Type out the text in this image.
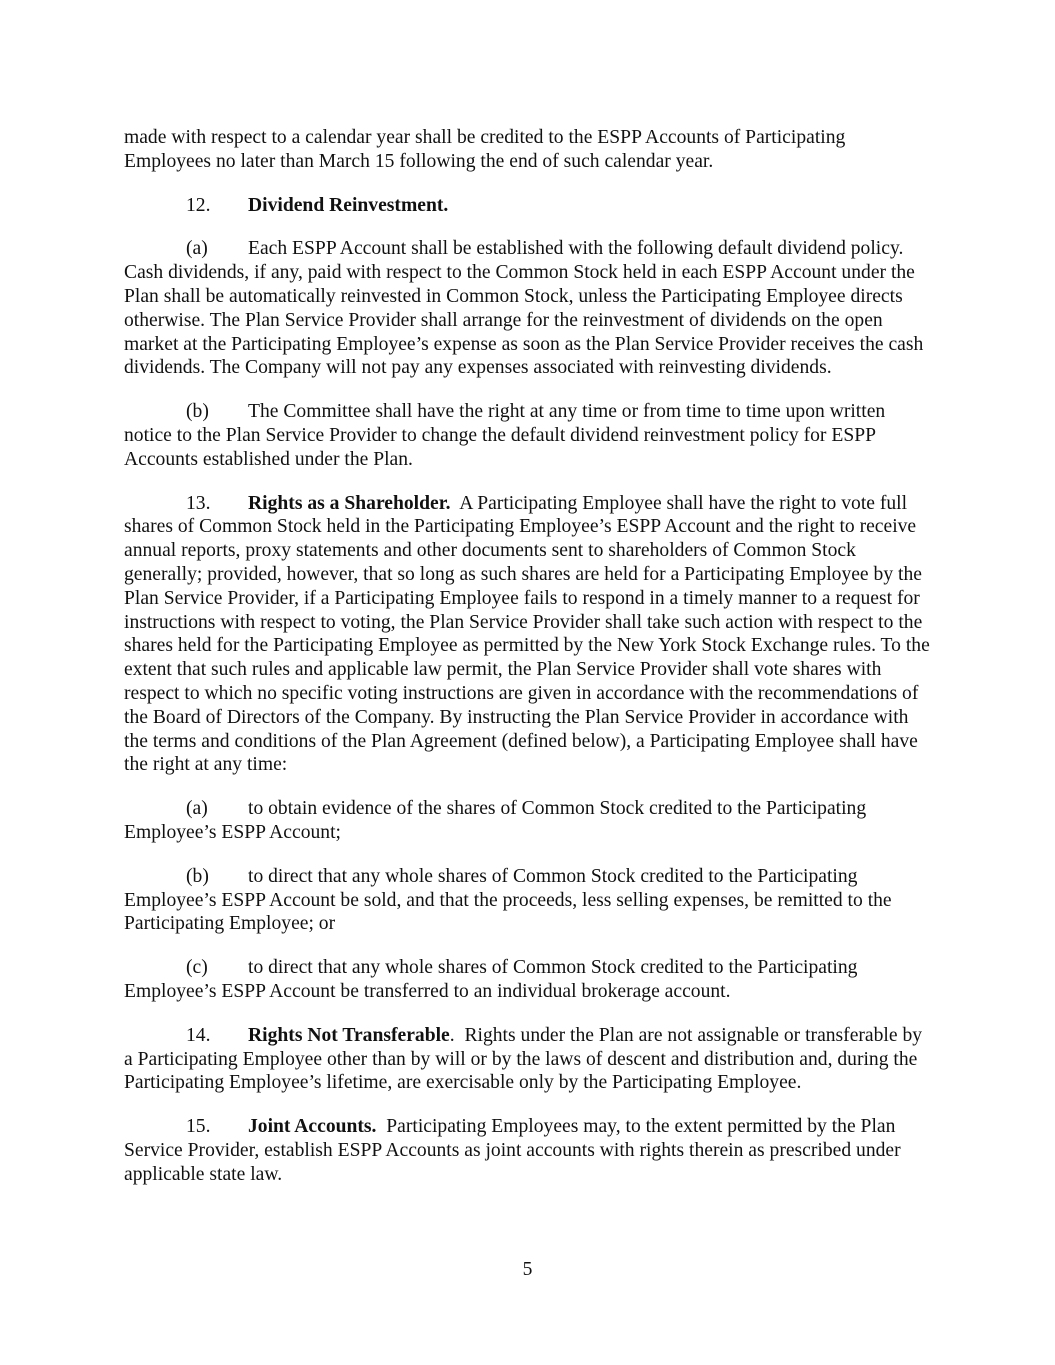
made with respect to a calendar year shall be credited to the ESPP Accounts of Participating Employees no later than March 15 following the end of such calendar year.

12. Dividend Reinvestment.

(a) Each ESPP Account shall be established with the following default dividend policy. Cash dividends, if any, paid with respect to the Common Stock held in each ESPP Account under the Plan shall be automatically reinvested in Common Stock, unless the Participating Employee directs otherwise. The Plan Service Provider shall arrange for the reinvestment of dividends on the open market at the Participating Employee’s expense as soon as the Plan Service Provider receives the cash dividends. The Company will not pay any expenses associated with reinvesting dividends.

(b) The Committee shall have the right at any time or from time to time upon written notice to the Plan Service Provider to change the default dividend reinvestment policy for ESPP Accounts established under the Plan.

13. Rights as a Shareholder. A Participating Employee shall have the right to vote full shares of Common Stock held in the Participating Employee’s ESPP Account and the right to receive annual reports, proxy statements and other documents sent to shareholders of Common Stock generally; provided, however, that so long as such shares are held for a Participating Employee by the Plan Service Provider, if a Participating Employee fails to respond in a timely manner to a request for instructions with respect to voting, the Plan Service Provider shall take such action with respect to the shares held for the Participating Employee as permitted by the New York Stock Exchange rules. To the extent that such rules and applicable law permit, the Plan Service Provider shall vote shares with respect to which no specific voting instructions are given in accordance with the recommendations of the Board of Directors of the Company. By instructing the Plan Service Provider in accordance with the terms and conditions of the Plan Agreement (defined below), a Participating Employee shall have the right at any time:

(a) to obtain evidence of the shares of Common Stock credited to the Participating Employee’s ESPP Account;

(b) to direct that any whole shares of Common Stock credited to the Participating Employee’s ESPP Account be sold, and that the proceeds, less selling expenses, be remitted to the Participating Employee; or

(c) to direct that any whole shares of Common Stock credited to the Participating Employee’s ESPP Account be transferred to an individual brokerage account.

14. Rights Not Transferable. Rights under the Plan are not assignable or transferable by a Participating Employee other than by will or by the laws of descent and distribution and, during the Participating Employee’s lifetime, are exercisable only by the Participating Employee.

15. Joint Accounts. Participating Employees may, to the extent permitted by the Plan Service Provider, establish ESPP Accounts as joint accounts with rights therein as prescribed under applicable state law.

5
